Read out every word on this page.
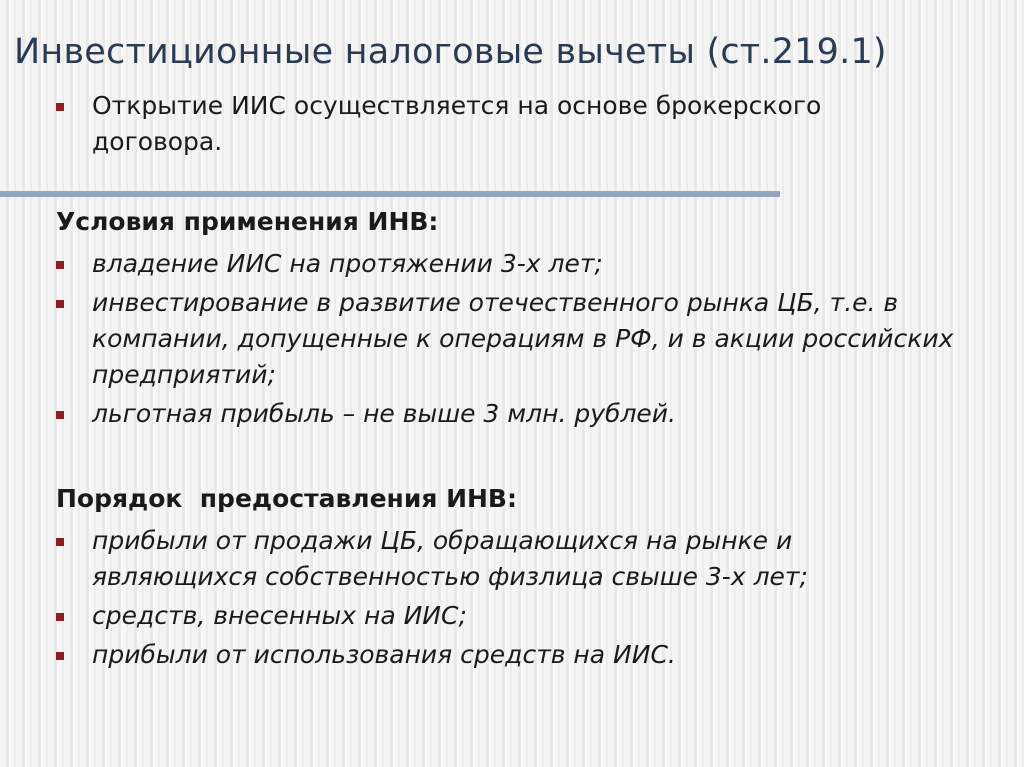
Инвестиционные налоговые вычеты (ст.219.1)
Открытие ИИС осуществляется на основе брокерского договора.
Условия применения ИНВ:
владение ИИС на протяжении 3-х лет;
инвестирование в развитие отечественного рынка ЦБ, т.е. в компании, допущенные к операциям в РФ, и в акции российских предприятий;
льготная прибыль – не выше 3 млн. рублей.
Порядок  предоставления ИНВ:
прибыли от продажи ЦБ, обращающихся на рынке и являющихся собственностью физлица свыше 3-х лет;
средств, внесенных на ИИС;
прибыли от использования средств на ИИС.
